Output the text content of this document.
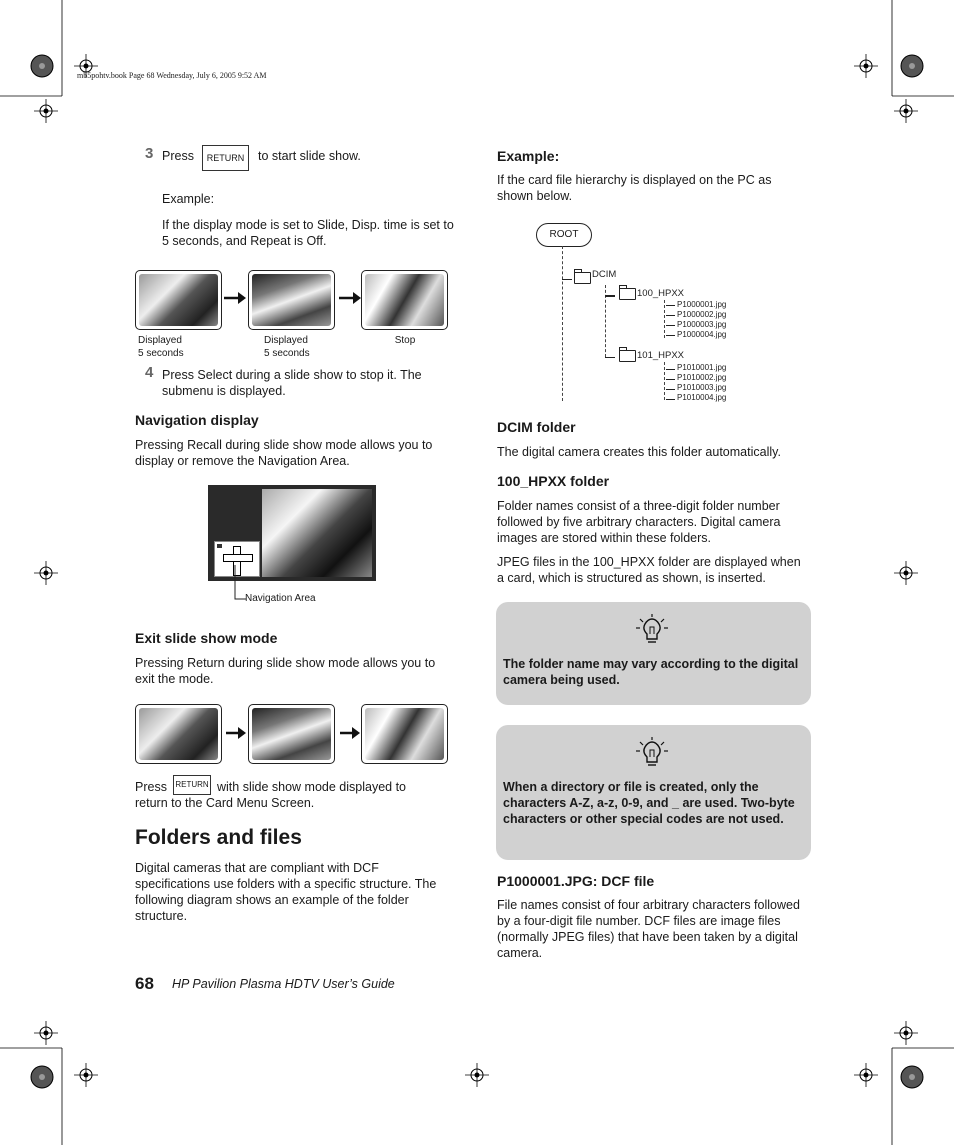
mb5pohtv.book Page 68 Wednesday, July 6, 2005 9:52 AM
3 Press	RETURN	to start slide show.
Example:
If the display mode is set to Slide, Disp. time is set to 5 seconds, and Repeat is Off.
Displayed
5 seconds
Displayed
5 seconds
Stop
4 Press Select during a slide show to stop it. The submenu is displayed.
Navigation display
Pressing Recall during slide show mode allows you to display or remove the Navigation Area.
Navigation Area
Exit slide show mode
Pressing Return during slide show mode allows you to exit the mode.
Press RETURN with slide show mode displayed to return to the Card Menu Screen.
Folders and files
Digital cameras that are compliant with DCF specifications use folders with a specific structure. The following diagram shows an example of the folder structure.
Example:
If the card file hierarchy is displayed on the PC as shown below.
ROOT
DCIM
100_HPXX
P1000001.jpg
P1000002.jpg
P1000003.jpg
P1000004.jpg
101_HPXX
P1010001.jpg
P1010002.jpg
P1010003.jpg
P1010004.jpg
DCIM folder
The digital camera creates this folder automatically.
100_HPXX folder
Folder names consist of a three-digit folder number followed by five arbitrary characters. Digital camera images are stored within these folders.
JPEG files in the 100_HPXX folder are displayed when a card, which is structured as shown, is inserted.
The folder name may vary according to the digital camera being used.
When a directory or file is created, only the characters A-Z, a-z, 0-9, and _ are used. Two-byte characters or other special codes are not used.
P1000001.JPG: DCF file
File names consist of four arbitrary characters followed by a four-digit file number. DCF files are image files (normally JPEG files) that have been taken by a digital camera.
68 HP Pavilion Plasma HDTV User’s Guide
